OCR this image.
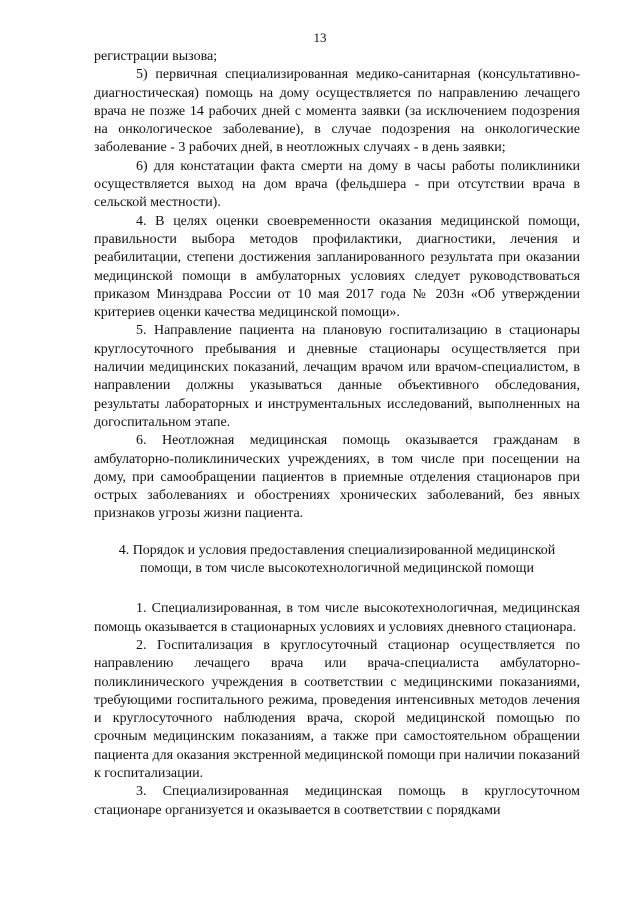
13

регистрации вызова;

5) первичная специализированная медико-санитарная (консультативно-диагностическая) помощь на дому осуществляется по направлению лечащего врача не позже 14 рабочих дней с момента заявки (за исключением подозрения на онкологическое заболевание), в случае подозрения на онкологические заболевание - 3 рабочих дней, в неотложных случаях - в день заявки;

6) для констатации факта смерти на дому в часы работы поликлиники осуществляется выход на дом врача (фельдшера - при отсутствии врача в сельской местности).

4. В целях оценки своевременности оказания медицинской помощи, правильности выбора методов профилактики, диагностики, лечения и реабилитации, степени достижения запланированного результата при оказании медицинской помощи в амбулаторных условиях следует руководствоваться приказом Минздрава России от 10 мая 2017 года № 203н «Об утверждении критериев оценки качества медицинской помощи».

5. Направление пациента на плановую госпитализацию в стационары круглосуточного пребывания и дневные стационары осуществляется при наличии медицинских показаний, лечащим врачом или врачом-специалистом, в направлении должны указываться данные объективного обследования, результаты лабораторных и инструментальных исследований, выполненных на догоспитальном этапе.

6. Неотложная медицинская помощь оказывается гражданам в амбулаторно-поликлинических учреждениях, в том числе при посещении на дому, при самообращении пациентов в приемные отделения стационаров при острых заболеваниях и обострениях хронических заболеваний, без явных признаков угрозы жизни пациента.

4. Порядок и условия предоставления специализированной медицинской
помощи, в том числе высокотехнологичной медицинской помощи

1. Специализированная, в том числе высокотехнологичная, медицинская помощь оказывается в стационарных условиях и условиях дневного стационара.

2. Госпитализация в круглосуточный стационар осуществляется по направлению лечащего врача или врача-специалиста амбулаторно-поликлинического учреждения в соответствии с медицинскими показаниями, требующими госпитального режима, проведения интенсивных методов лечения и круглосуточного наблюдения врача, скорой медицинской помощью по срочным медицинским показаниям, а также при самостоятельном обращении пациента для оказания экстренной медицинской помощи при наличии показаний к госпитализации.

3. Специализированная медицинская помощь в круглосуточном стационаре организуется и оказывается в соответствии с порядками
